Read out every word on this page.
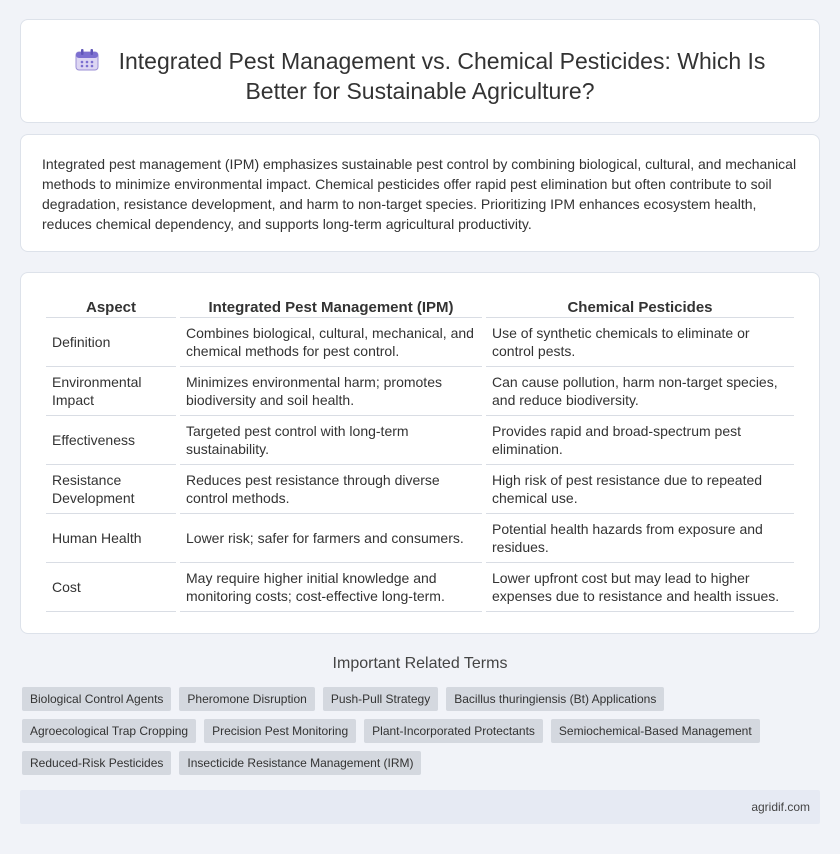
Integrated Pest Management vs. Chemical Pesticides: Which Is Better for Sustainable Agriculture?

Integrated pest management (IPM) emphasizes sustainable pest control by combining biological, cultural, and mechanical methods to minimize environmental impact. Chemical pesticides offer rapid pest elimination but often contribute to soil degradation, resistance development, and harm to non-target species. Prioritizing IPM enhances ecosystem health, reduces chemical dependency, and supports long-term agricultural productivity.

Aspect	Integrated Pest Management (IPM)	Chemical Pesticides
Definition	Combines biological, cultural, mechanical, and chemical methods for pest control.	Use of synthetic chemicals to eliminate or control pests.
Environmental Impact	Minimizes environmental harm; promotes biodiversity and soil health.	Can cause pollution, harm non-target species, and reduce biodiversity.
Effectiveness	Targeted pest control with long-term sustainability.	Provides rapid and broad-spectrum pest elimination.
Resistance Development	Reduces pest resistance through diverse control methods.	High risk of pest resistance due to repeated chemical use.
Human Health	Lower risk; safer for farmers and consumers.	Potential health hazards from exposure and residues.
Cost	May require higher initial knowledge and monitoring costs; cost-effective long-term.	Lower upfront cost but may lead to higher expenses due to resistance and health issues.
Important Related Terms
Biological Control Agents Pheromone Disruption Push-Pull Strategy Bacillus thuringiensis (Bt) Applications
Agroecological Trap Cropping Precision Pest Monitoring Plant-Incorporated Protectants Semiochemical-Based Management
Reduced-Risk Pesticides Insecticide Resistance Management (IRM)
agridif.com
